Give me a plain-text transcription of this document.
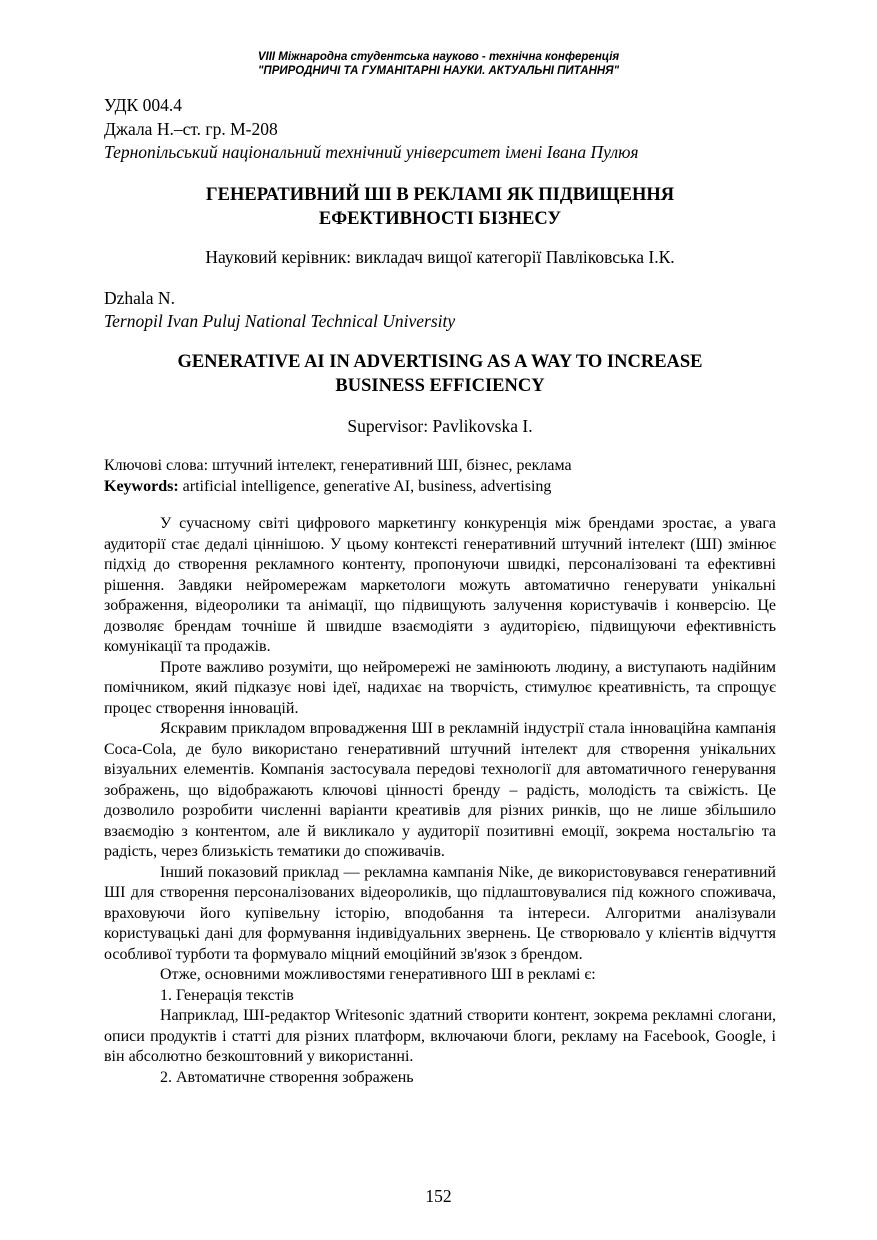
VIII Міжнародна студентська науково - технічна конференція
"ПРИРОДНИЧІ ТА ГУМАНІТАРНІ НАУКИ. АКТУАЛЬНІ ПИТАННЯ"
УДК 004.4
Джала Н.–ст. гр. М-208
Тернопільський національний технічний університет імені Івана Пулюя
ГЕНЕРАТИВНИЙ ШІ В РЕКЛАМІ ЯК ПІДВИЩЕННЯ
ЕФЕКТИВНОСТІ БІЗНЕСУ
Науковий керівник: викладач вищої категорії Павліковська І.К.
Dzhala N.
Ternopil Ivan Puluj National Technical University
GENERATIVE AI IN ADVERTISING AS A WAY TO INCREASE
BUSINESS EFFICIENCY
Supervisor: Pavlikovska I.
Ключові слова: штучний інтелект, генеративний ШІ, бізнес, реклама
Keywords: artificial intelligence, generative AI, business, advertising

У сучасному світі цифрового маркетингу конкуренція між брендами зростає, а увага аудиторії стає дедалі ціннішою. У цьому контексті генеративний штучний інтелект (ШІ) змінює підхід до створення рекламного контенту, пропонуючи швидкі, персоналізовані та ефективні рішення. Завдяки нейромережам маркетологи можуть автоматично генерувати унікальні зображення, відеоролики та анімації, що підвищують залучення користувачів і конверсію. Це дозволяє брендам точніше й швидше взаємодіяти з аудиторією, підвищуючи ефективність комунікації та продажів.

Проте важливо розуміти, що нейромережі не замінюють людину, а виступають надійним помічником, який підказує нові ідеї, надихає на творчість, стимулює креативність, та спрощує процес створення інновацій.

Яскравим прикладом впровадження ШІ в рекламній індустрії стала інноваційна кампанія Coca-Cola, де було використано генеративний штучний інтелект для створення унікальних візуальних елементів. Компанія застосувала передові технології для автоматичного генерування зображень, що відображають ключові цінності бренду – радість, молодість та свіжість. Це дозволило розробити численні варіанти креативів для різних ринків, що не лише збільшило взаємодію з контентом, але й викликало у аудиторії позитивні емоції, зокрема ностальгію та радість, через близькість тематики до споживачів.

Інший показовий приклад — рекламна кампанія Nike, де використовувався генеративний ШІ для створення персоналізованих відеороликів, що підлаштовувалися під кожного споживача, враховуючи його купівельну історію, вподобання та інтереси. Алгоритми аналізували користувацькі дані для формування індивідуальних звернень. Це створювало у клієнтів відчуття особливої турботи та формувало міцний емоційний зв'язок з брендом.

Отже, основними можливостями генеративного ШІ в рекламі є:

1. Генерація текстів

Наприклад, ШІ-редактор Writesonic здатний створити контент, зокрема рекламні слогани, описи продуктів і статті для різних платформ, включаючи блоги, рекламу на Facebook, Google, і він абсолютно безкоштовний у використанні.

2. Автоматичне створення зображень
152
